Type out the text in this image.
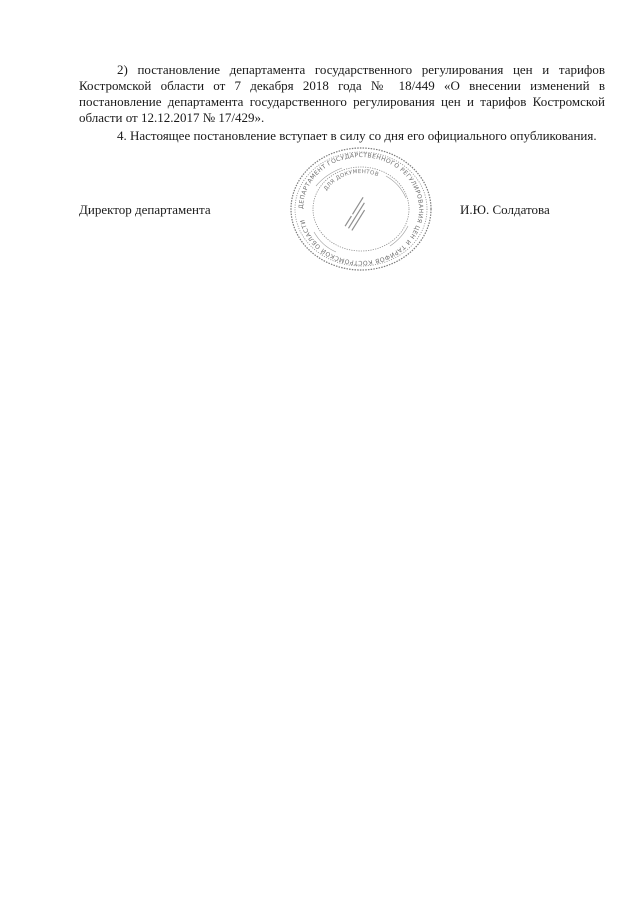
2) постановление департамента государственного регулирования цен и тарифов Костромской области от 7 декабря 2018 года № 18/449 «О внесении изменений в постановление департамента государственного регулирования цен и тарифов Костромской области от 12.12.2017 № 17/429».

4. Настоящее постановление вступает в силу со дня его официального опубликования.

Директор департамента	ДЕПАРТАМЕНТ ГОСУДАРСТВЕННОГО РЕГУЛИРОВАНИЯ ЦЕН И ТАРИФОВ КОСТРОМСКОЙ ОБЛАСТИ
ДЛЯ ДОКУМЕНТОВ
И.Ю. Солдатова
